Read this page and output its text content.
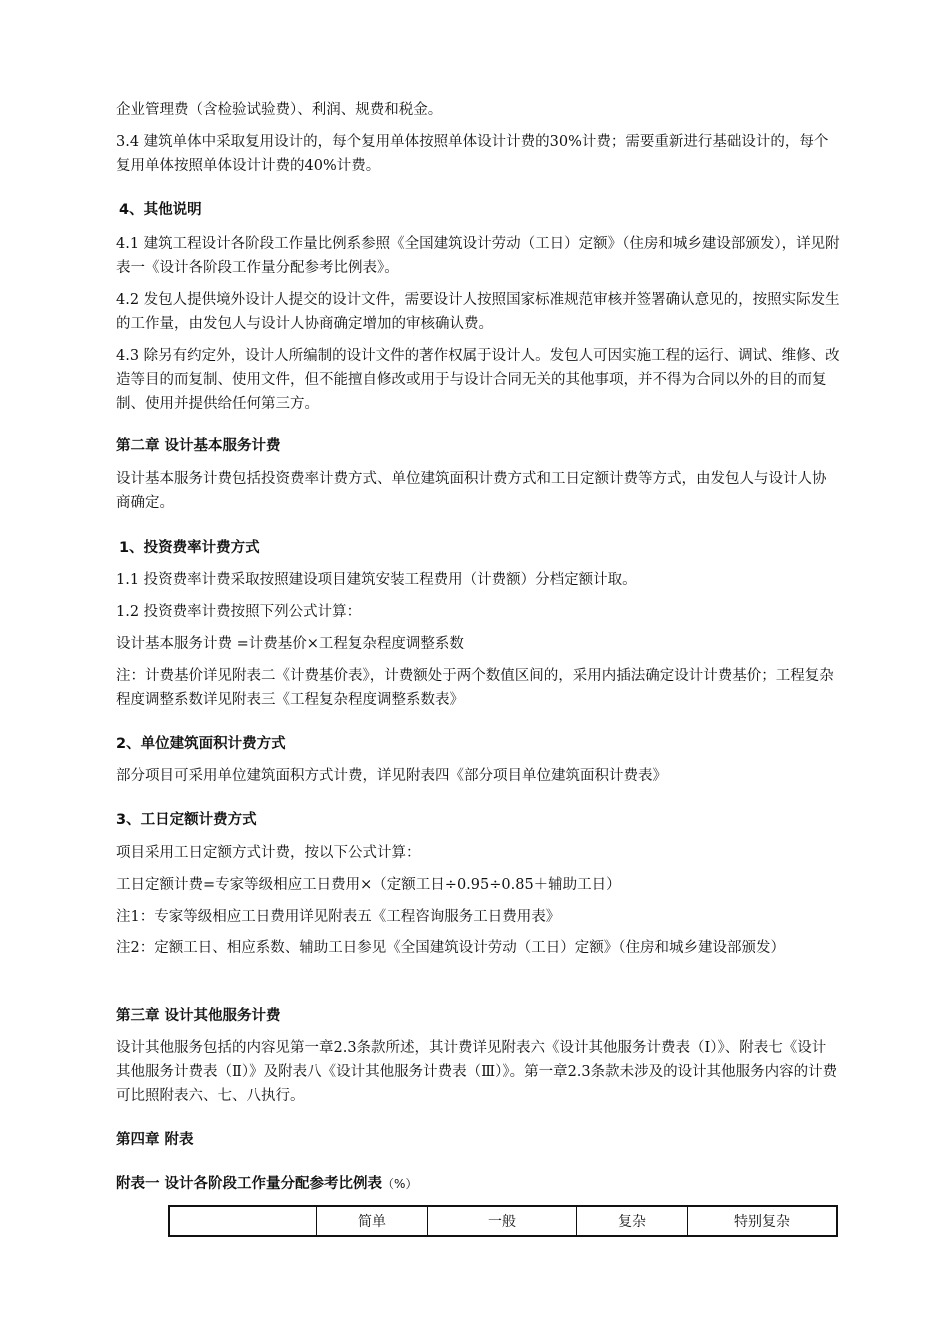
企业管理费（含检验试验费）、利润、规费和税金。

3.4 建筑单体中采取复用设计的，每个复用单体按照单体设计计费的30%计费；需要重新进行基础设计的，每个复用单体按照单体设计计费的40%计费。

4、其他说明

4.1 建筑工程设计各阶段工作量比例系参照《全国建筑设计劳动（工日）定额》（住房和城乡建设部颁发），详见附表一《设计各阶段工作量分配参考比例表》。

4.2 发包人提供境外设计人提交的设计文件，需要设计人按照国家标准规范审核并签署确认意见的，按照实际发生的工作量，由发包人与设计人协商确定增加的审核确认费。

4.3 除另有约定外，设计人所编制的设计文件的著作权属于设计人。发包人可因实施工程的运行、调试、维修、改造等目的而复制、使用文件，但不能擅自修改或用于与设计合同无关的其他事项，并不得为合同以外的目的而复制、使用并提供给任何第三方。

第二章 设计基本服务计费

设计基本服务计费包括投资费率计费方式、单位建筑面积计费方式和工日定额计费等方式，由发包人与设计人协商确定。

1、投资费率计费方式

1.1 投资费率计费采取按照建设项目建筑安装工程费用（计费额）分档定额计取。

1.2 投资费率计费按照下列公式计算：

设计基本服务计费 =计费基价×工程复杂程度调整系数

注：计费基价详见附表二《计费基价表》，计费额处于两个数值区间的，采用内插法确定设计计费基价；工程复杂程度调整系数详见附表三《工程复杂程度调整系数表》

2、单位建筑面积计费方式

部分项目可采用单位建筑面积方式计费，详见附表四《部分项目单位建筑面积计费表》

3、工日定额计费方式

项目采用工日定额方式计费，按以下公式计算：

工日定额计费=专家等级相应工日费用×（定额工日÷0.95÷0.85＋辅助工日）

注1：专家等级相应工日费用详见附表五《工程咨询服务工日费用表》

注2：定额工日、相应系数、辅助工日参见《全国建筑设计劳动（工日）定额》（住房和城乡建设部颁发）

第三章 设计其他服务计费

设计其他服务包括的内容见第一章2.3条款所述，其计费详见附表六《设计其他服务计费表（Ⅰ）》、附表七《设计其他服务计费表（Ⅱ）》及附表八《设计其他服务计费表（Ⅲ）》。第一章2.3条款未涉及的设计其他服务内容的计费可比照附表六、七、八执行。

第四章 附表
附表一 设计各阶段工作量分配参考比例表（%）
	简单	一般	复杂	特别复杂
